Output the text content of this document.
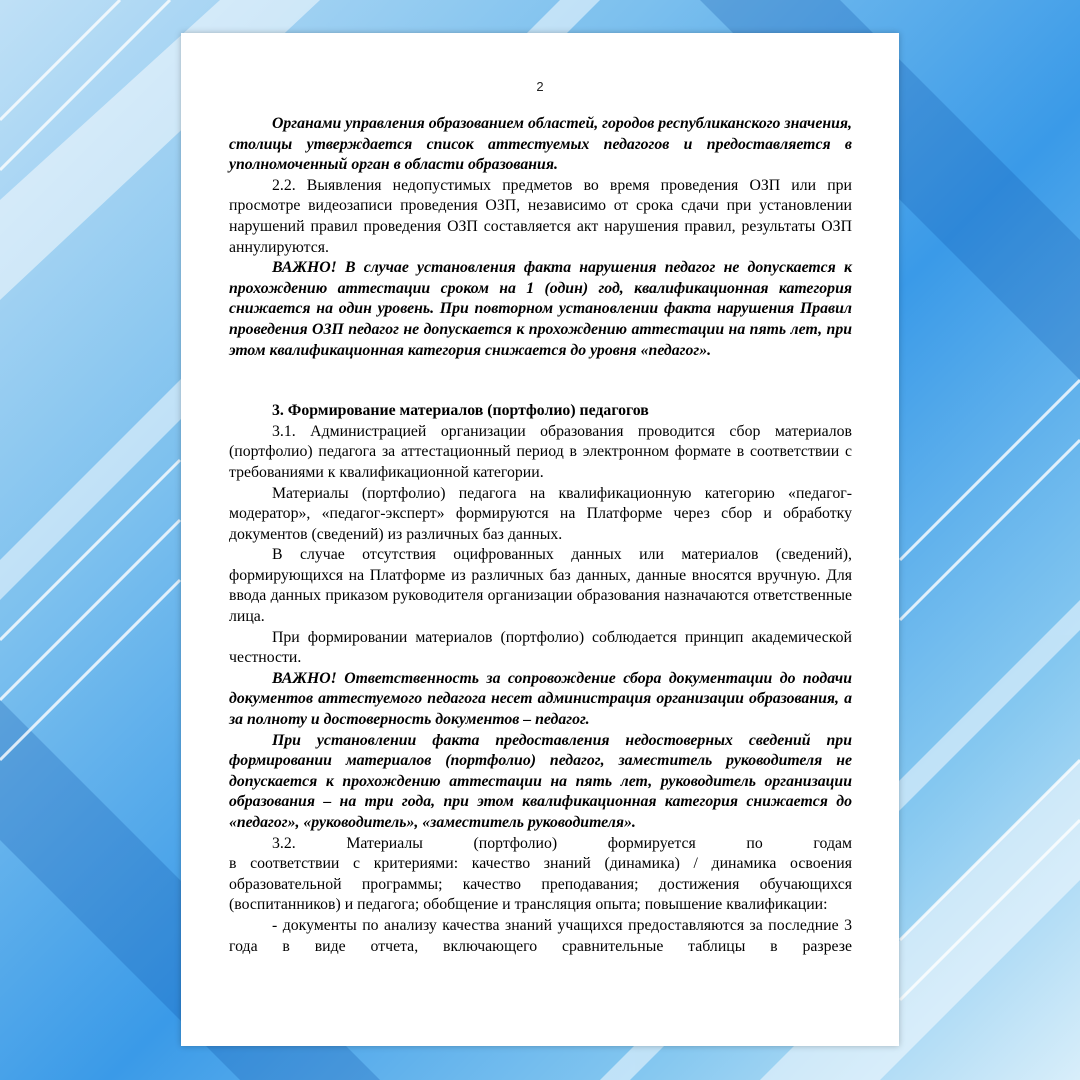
2

Органами управления образованием областей, городов республиканского значения, столицы утверждается список аттестуемых педагогов и предоставляется в уполномоченный орган в области образования.

2.2. Выявления недопустимых предметов во время проведения ОЗП или при просмотре видеозаписи проведения ОЗП, независимо от срока сдачи при установлении нарушений правил проведения ОЗП составляется акт нарушения правил, результаты ОЗП аннулируются.

ВАЖНО! В случае установления факта нарушения педагог не допускается к прохождению аттестации сроком на 1 (один) год, квалификационная категория снижается на один уровень. При повторном установлении факта нарушения Правил проведения ОЗП педагог не допускается к прохождению аттестации на пять лет, при этом квалификационная категория снижается до уровня «педагог».

3. Формирование материалов (портфолио) педагогов

3.1. Администрацией организации образования проводится сбор материалов (портфолио) педагога за аттестационный период в электронном формате в соответствии с требованиями к квалификационной категории.

Материалы (портфолио) педагога на квалификационную категорию «педагог-модератор», «педагог-эксперт» формируются на Платформе через сбор и обработку документов (сведений) из различных баз данных.

В случае отсутствия оцифрованных данных или материалов (сведений), формирующихся на Платформе из различных баз данных, данные вносятся вручную. Для ввода данных приказом руководителя организации образования назначаются ответственные лица.

При формировании материалов (портфолио) соблюдается принцип академической честности.

ВАЖНО! Ответственность за сопровождение сбора документации до подачи документов аттестуемого педагога несет администрация организации образования, а за полноту и достоверность документов – педагог.

При установлении факта предоставления недостоверных сведений при формировании материалов (портфолио) педагог, заместитель руководителя не допускается к прохождению аттестации на пять лет, руководитель организации образования – на три года, при этом квалификационная категория снижается до «педагог», «руководитель», «заместитель руководителя».

3.2. Материалы (портфолио) формируется по годам

в соответствии с критериями: качество знаний (динамика) / динамика освоения образовательной программы; качество преподавания; достижения обучающихся (воспитанников) и педагога; обобщение и трансляция опыта; повышение квалификации:

- документы по анализу качества знаний учащихся предоставляются за последние 3 года в виде отчета, включающего сравнительные таблицы в разрезе
